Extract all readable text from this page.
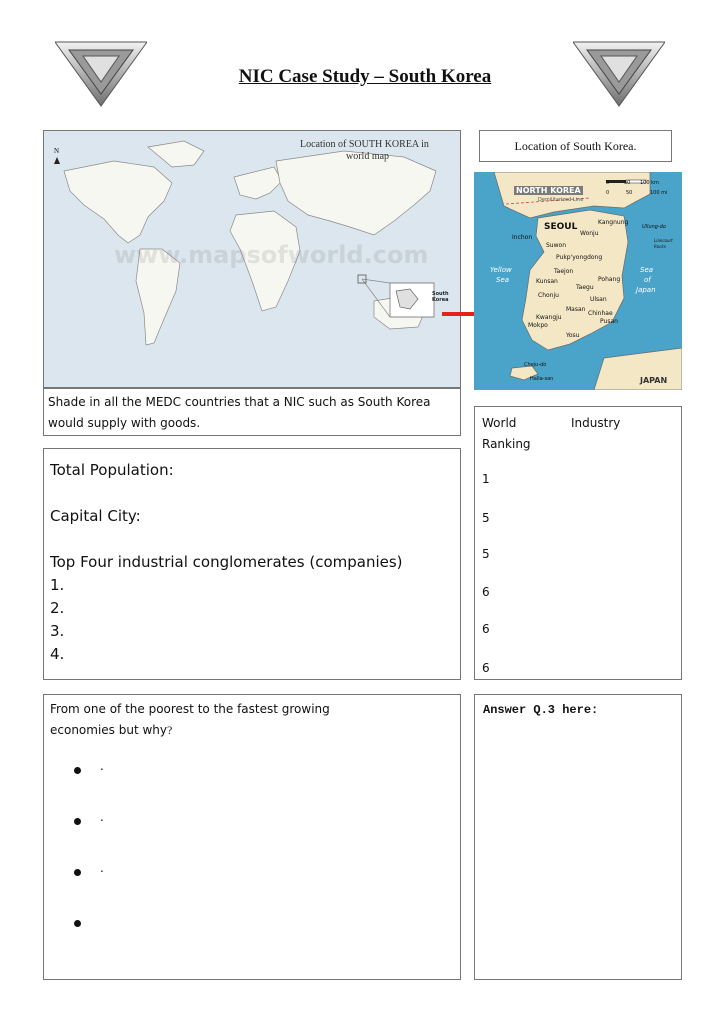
NIC Case Study – South Korea
N
Location of SOUTH KOREA in
world map
www.mapsofworld.com
South Korea
Location of South Korea.
NORTH KOREA
Demilitarized Line
0	50 100 km
0	50	100 mi
SEOUL	Kangnung
Wonju
Inchon
Suwon
Pukp'yongdong
Ullung-do
Liancourt Rocks
Yellow
Sea
Taejon
Kunsan	Pohang
Taegu
Chonju
Ulsan
Sea
of
Japan
Masan
Chinhae
Kwangju
Pusan
Mokpo
Yosu
Cheju-do
Halla-san	JAPAN
Shade in all the MEDC countries that a NIC such as South Korea would supply with goods.
Total Population:
Capital City:
Top Four industrial conglomerates (companies)
1.
2.
3.
4.
World Ranking
Industry
1
5
5
6
6
6
From one of the poorest to the fastest growing
economies but why?
.
.
.
Answer Q.3 here:
